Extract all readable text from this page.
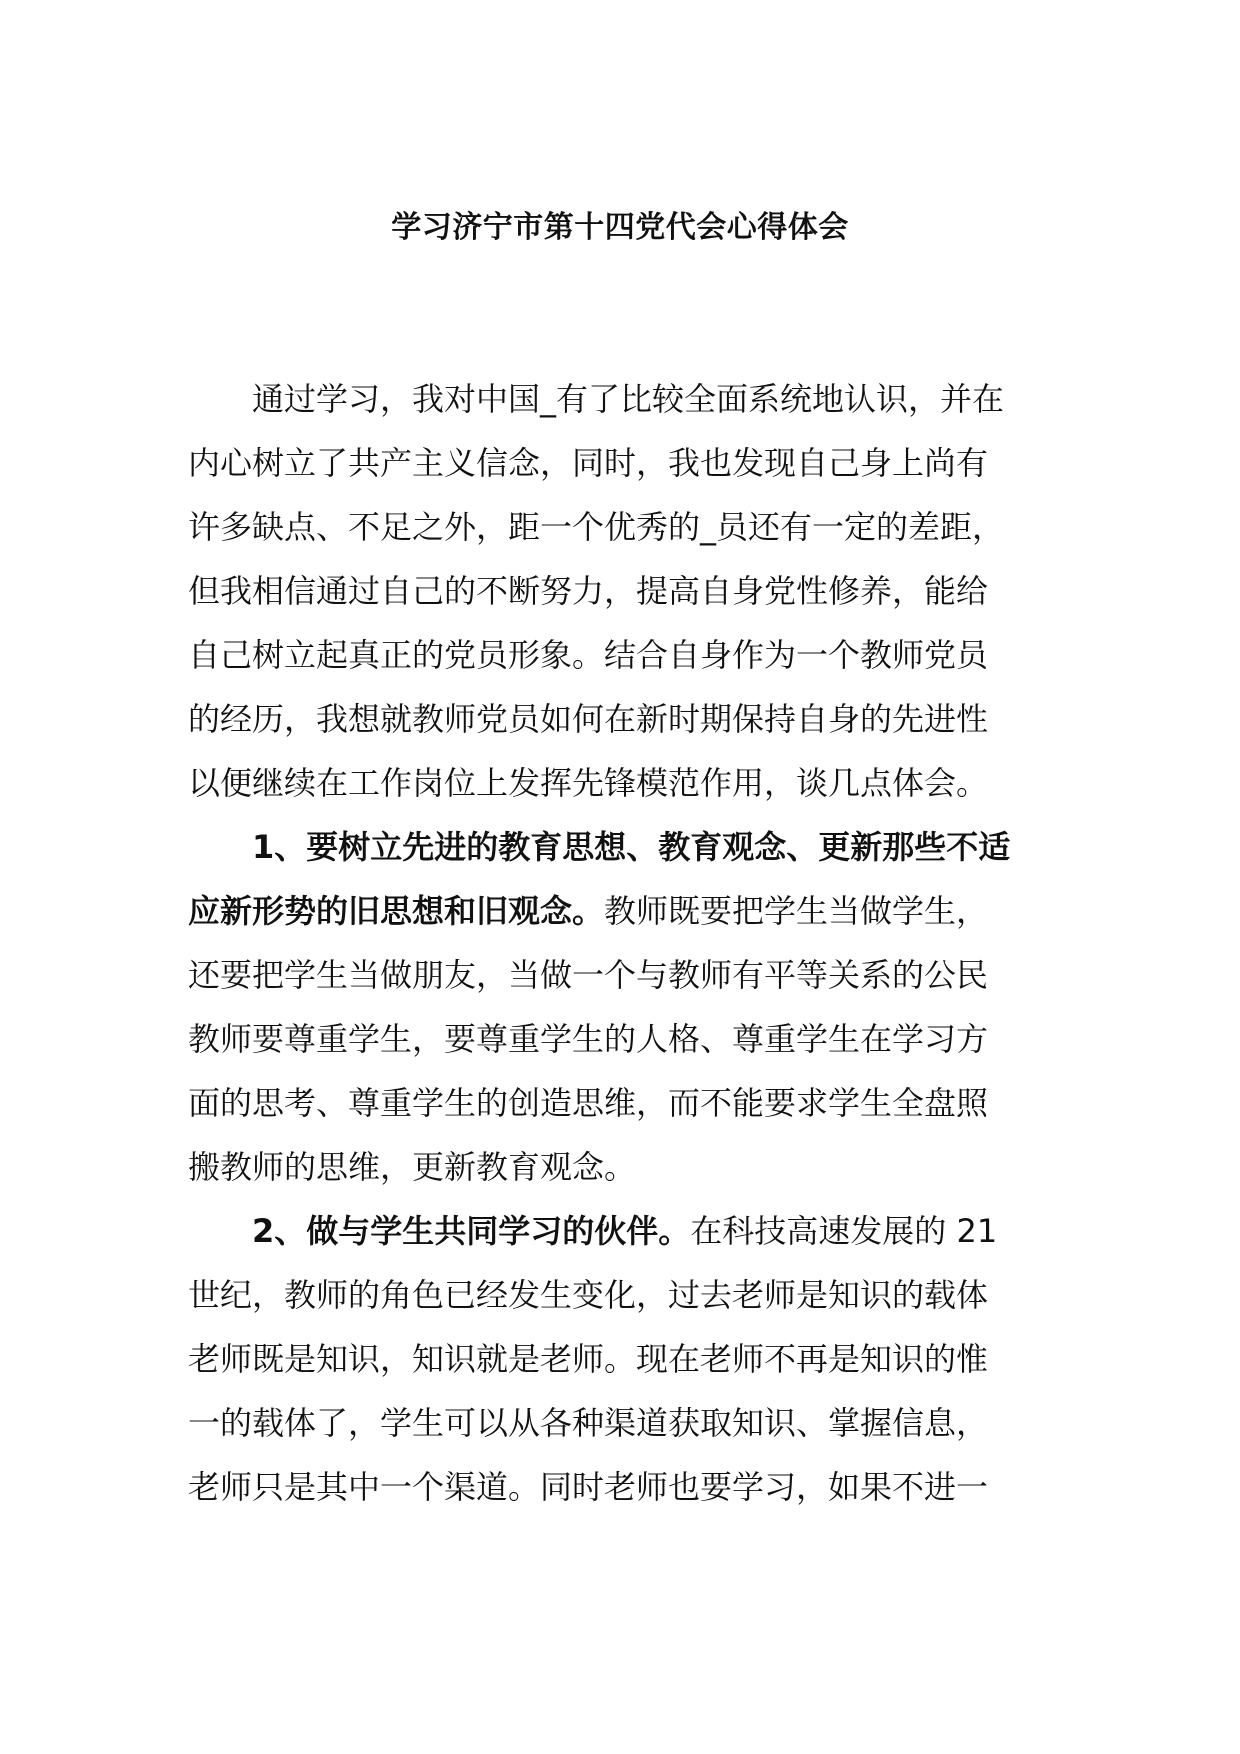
学习济宁市第十四党代会心得体会
通过学习，我对中国_有了比较全面系统地认识，并在
内心树立了共产主义信念，同时，我也发现自己身上尚有
许多缺点、不足之外，距一个优秀的_员还有一定的差距，
但我相信通过自己的不断努力，提高自身党性修养，能给
自己树立起真正的党员形象。结合自身作为一个教师党员
的经历，我想就教师党员如何在新时期保持自身的先进性
以便继续在工作岗位上发挥先锋模范作用，谈几点体会。
1、要树立先进的教育思想、教育观念、更新那些不适
应新形势的旧思想和旧观念。教师既要把学生当做学生，
还要把学生当做朋友，当做一个与教师有平等关系的公民
教师要尊重学生，要尊重学生的人格、尊重学生在学习方
面的思考、尊重学生的创造思维，而不能要求学生全盘照
搬教师的思维，更新教育观念。
2、做与学生共同学习的伙伴。在科技高速发展的 21
世纪，教师的角色已经发生变化，过去老师是知识的载体
老师既是知识，知识就是老师。现在老师不再是知识的惟
一的载体了，学生可以从各种渠道获取知识、掌握信息，
老师只是其中一个渠道。同时老师也要学习，如果不进一
